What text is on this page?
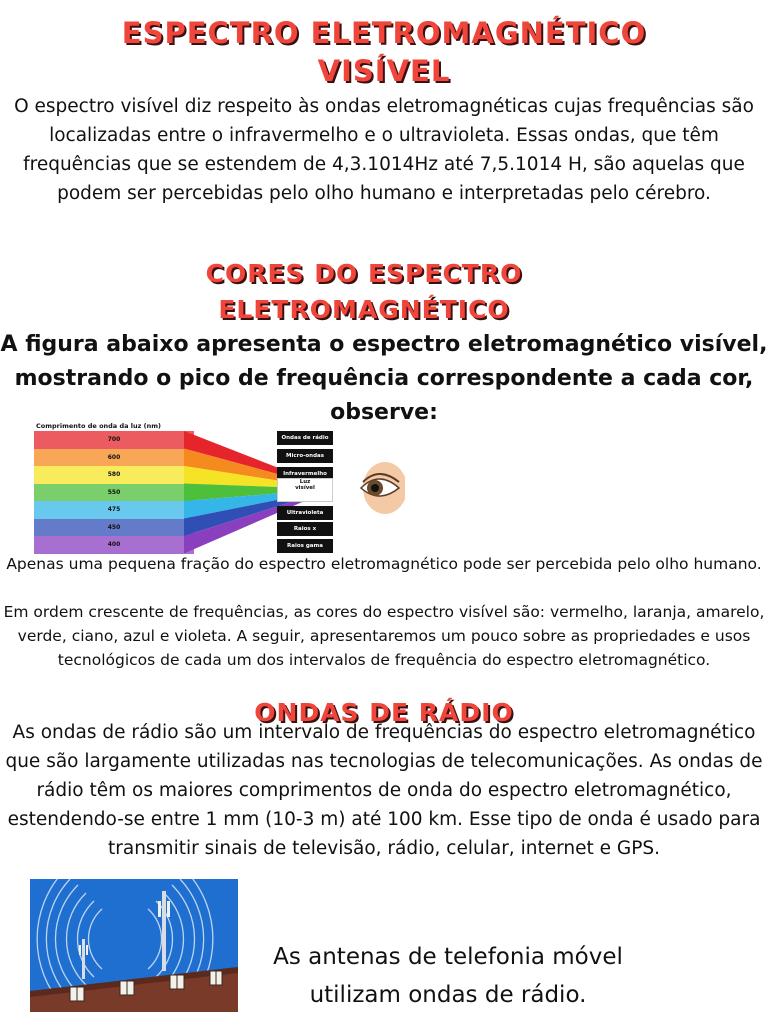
ESPECTRO ELETROMAGNÉTICO
VISÍVEL

O espectro visível diz respeito às ondas eletromagnéticas cujas frequências são localizadas entre o infravermelho e o ultravioleta. Essas ondas, que têm frequências que se estendem de 4,3.1014Hz até 7,5.1014 H, são aquelas que podem ser percebidas pelo olho humano e interpretadas pelo cérebro.

CORES DO ESPECTRO
ELETROMAGNÉTICO

A figura abaixo apresenta o espectro eletromagnético visível, mostrando o pico de frequência correspondente a cada cor, observe:

700
600
580
550
475
450
400
Comprimento de onda da luz (nm)
Ondas de rádio
Micro-ondas
Infravermelho
Ultravioleta
Raios x
Raios gama
Luz
visível

Apenas uma pequena fração do espectro eletromagnético pode ser percebida pelo olho humano.

Em ordem crescente de frequências, as cores do espectro visível são: vermelho, laranja, amarelo, verde, ciano, azul e violeta. A seguir, apresentaremos um pouco sobre as propriedades e usos tecnológicos de cada um dos intervalos de frequência do espectro eletromagnético.

ONDAS DE RÁDIO

As ondas de rádio são um intervalo de frequências do espectro eletromagnético que são largamente utilizadas nas tecnologias de telecomunicações. As ondas de rádio têm os maiores comprimentos de onda do espectro eletromagnético, estendendo-se entre 1 mm (10-3 m) até 100 km. Esse tipo de onda é usado para transmitir sinais de televisão, rádio, celular, internet e GPS.

As antenas de telefonia móvel utilizam ondas de rádio.
